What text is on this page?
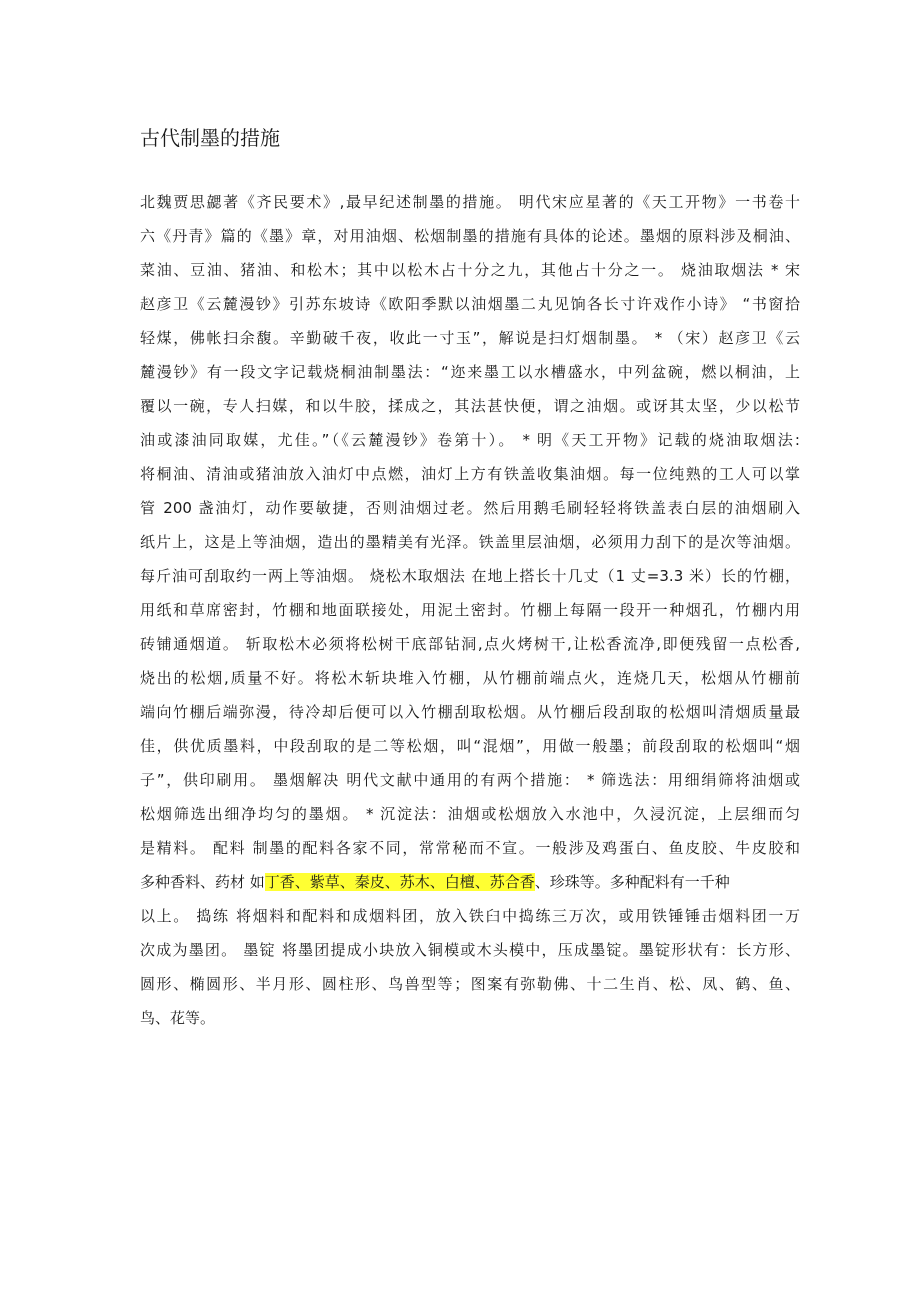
古代制墨的措施
北魏贾思勰著《齐民要术》,最早纪述制墨的措施。 明代宋应星著的《天工开物》一书卷十
六《丹青》篇的《墨》章，对用油烟、松烟制墨的措施有具体的论述。墨烟的原料涉及桐油、
菜油、豆油、猪油、和松木；其中以松木占十分之九，其他占十分之一。 烧油取烟法 * 宋
赵彦卫《云麓漫钞》引苏东坡诗《欧阳季默以油烟墨二丸见饷各长寸许戏作小诗》 “书窗拾
轻煤，佛帐扫余馥。辛勤破千夜，收此一寸玉”，解说是扫灯烟制墨。 * （宋）赵彦卫《云
麓漫钞》有一段文字记载烧桐油制墨法：“迩来墨工以水槽盛水，中列盆碗，燃以桐油，上
覆以一碗，专人扫媒，和以牛胶，揉成之，其法甚快便，谓之油烟。或讶其太坚，少以松节
油或漆油同取媒，尤佳。”（《云麓漫钞》卷第十）。 * 明《天工开物》记载的烧油取烟法:
将桐油、清油或猪油放入油灯中点燃，油灯上方有铁盖收集油烟。每一位纯熟的工人可以掌
管 200 盏油灯，动作要敏捷，否则油烟过老。然后用鹅毛刷轻轻将铁盖表白层的油烟刷入
纸片上，这是上等油烟，造出的墨精美有光泽。铁盖里层油烟，必须用力刮下的是次等油烟。
每斤油可刮取约一两上等油烟。 烧松木取烟法 在地上搭长十几丈（1 丈=3.3 米）长的竹棚，
用纸和草席密封，竹棚和地面联接处，用泥土密封。竹棚上每隔一段开一种烟孔，竹棚内用
砖铺通烟道。 斩取松木必须将松树干底部钻洞,点火烤树干,让松香流净,即便残留一点松香,
烧出的松烟,质量不好。将松木斩块堆入竹棚，从竹棚前端点火，连烧几天，松烟从竹棚前
端向竹棚后端弥漫，待冷却后便可以入竹棚刮取松烟。从竹棚后段刮取的松烟叫清烟质量最
佳，供优质墨料，中段刮取的是二等松烟，叫“混烟”，用做一般墨；前段刮取的松烟叫“烟
子”，供印刷用。 墨烟解决 明代文献中通用的有两个措施： * 筛选法：用细绢筛将油烟或
松烟筛选出细净均匀的墨烟。 * 沉淀法：油烟或松烟放入水池中，久浸沉淀，上层细而匀
是精料。 配料 制墨的配料各家不同，常常秘而不宣。一般涉及鸡蛋白、鱼皮胶、牛皮胶和
多种香料、药材 如丁香、紫草、秦皮、苏木、白檀、苏合香、珍珠等。多种配料有一千种
以上。 捣练 将烟料和配料和成烟料团，放入铁臼中捣练三万次，或用铁锤锤击烟料团一万
次成为墨团。 墨锭 将墨团提成小块放入铜模或木头模中，压成墨锭。墨锭形状有：长方形、
圆形、椭圆形、半月形、圆柱形、鸟兽型等；图案有弥勒佛、十二生肖、松、凤、鹤、鱼、
鸟、花等。
